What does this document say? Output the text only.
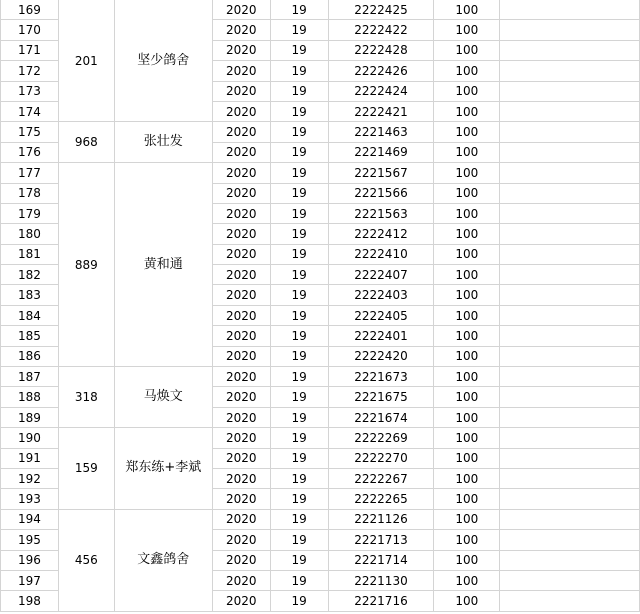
169	201	坚少鸽舍	2020	19	2222425	100	
170			2020	19	2222422	100	
171			2020	19	2222428	100	
172			2020	19	2222426	100	
173			2020	19	2222424	100	
174			2020	19	2222421	100	
175	968	张壮发	2020	19	2221463	100	
176			2020	19	2221469	100	
177	889	黄和通	2020	19	2221567	100	
178			2020	19	2221566	100	
179			2020	19	2221563	100	
180			2020	19	2222412	100	
181			2020	19	2222410	100	
182			2020	19	2222407	100	
183			2020	19	2222403	100	
184			2020	19	2222405	100	
185			2020	19	2222401	100	
186			2020	19	2222420	100	
187	318	马焕文	2020	19	2221673	100	
188			2020	19	2221675	100	
189			2020	19	2221674	100	
190	159	郑东练+李斌	2020	19	2222269	100	
191			2020	19	2222270	100	
192			2020	19	2222267	100	
193			2020	19	2222265	100	
194	456	文鑫鸽舍	2020	19	2221126	100	
195			2020	19	2221713	100	
196			2020	19	2221714	100	
197			2020	19	2221130	100	
198			2020	19	2221716	100	
